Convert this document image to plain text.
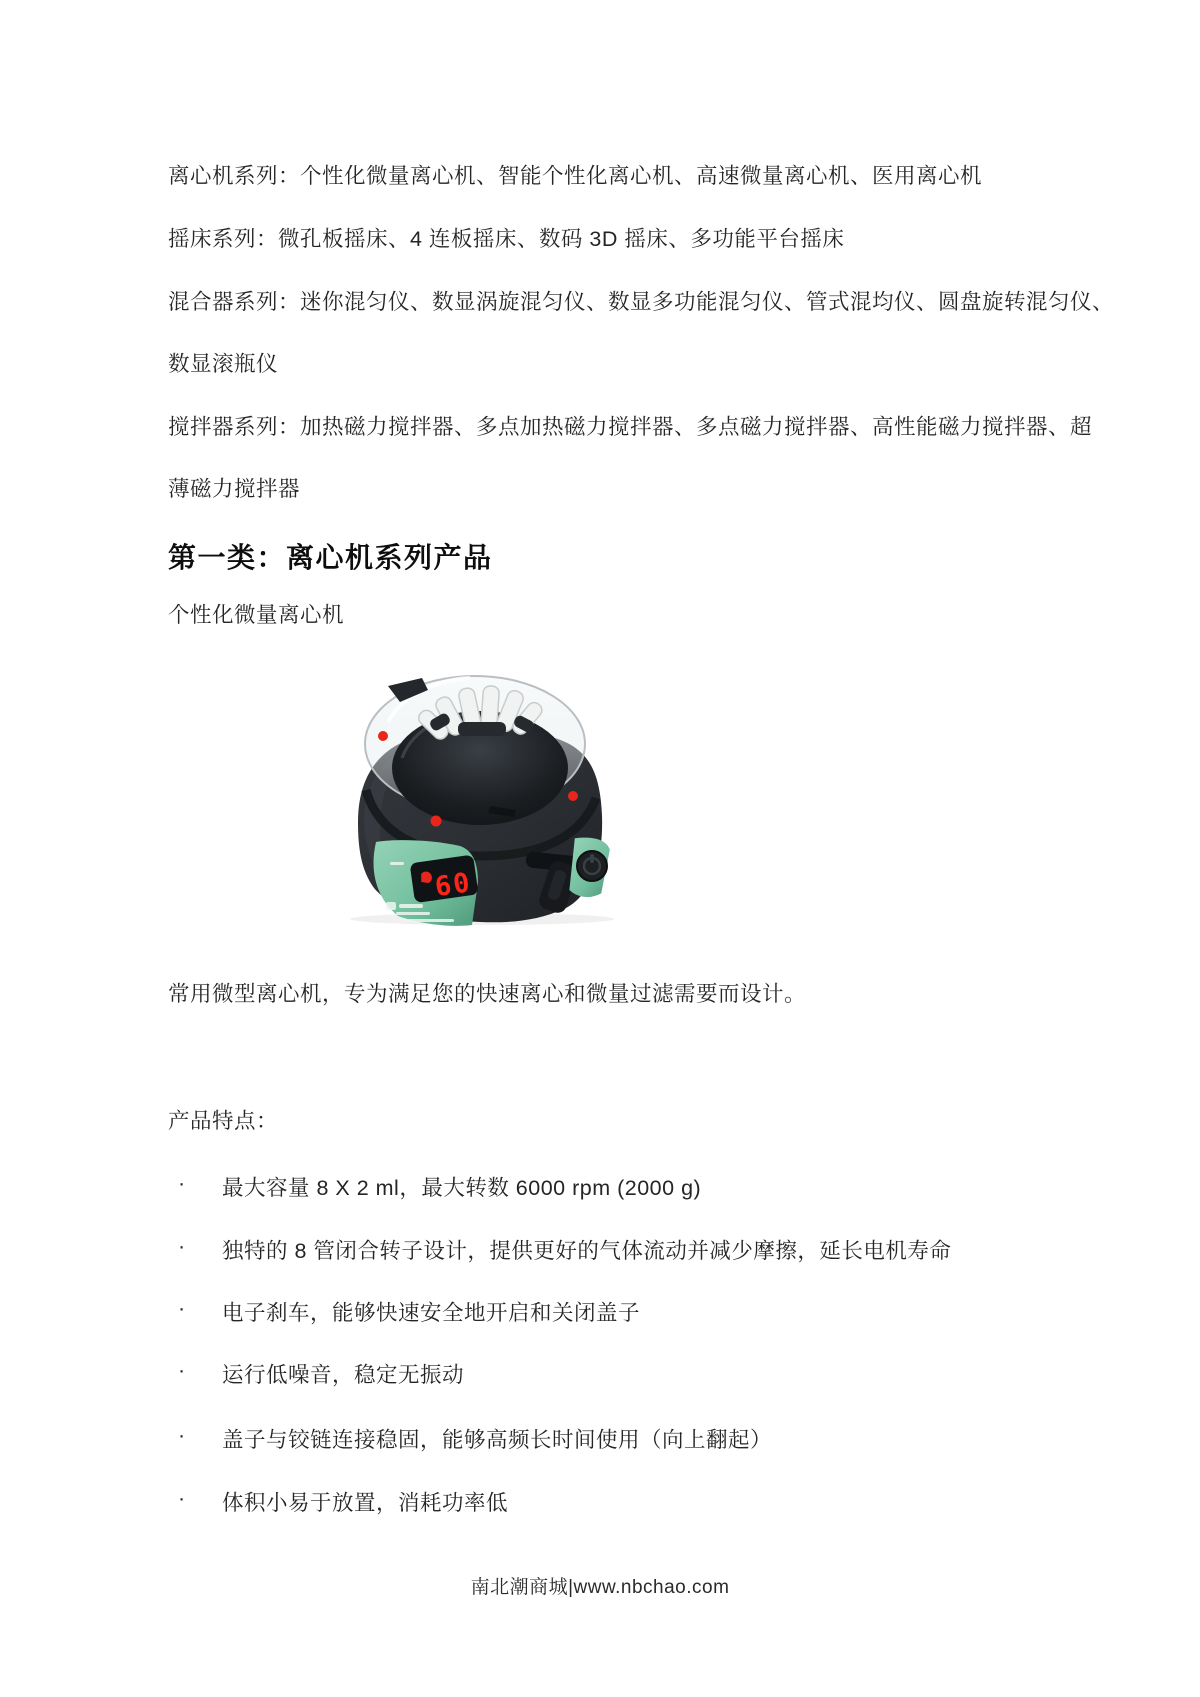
离心机系列：个性化微量离心机、智能个性化离心机、高速微量离心机、医用离心机
摇床系列：微孔板摇床、4 连板摇床、数码 3D 摇床、多功能平台摇床
混合器系列：迷你混匀仪、数显涡旋混匀仪、数显多功能混匀仪、管式混均仪、圆盘旋转混匀仪、
数显滚瓶仪
搅拌器系列：加热磁力搅拌器、多点加热磁力搅拌器、多点磁力搅拌器、高性能磁力搅拌器、超
薄磁力搅拌器
第一类：离心机系列产品
个性化微量离心机
60
常用微型离心机，专为满足您的快速离心和微量过滤需要而设计。
产品特点：
· 最大容量 8 X 2 ml，最大转数 6000 rpm (2000 g)
· 独特的 8 管闭合转子设计，提供更好的气体流动并减少摩擦，延长电机寿命
· 电子刹车，能够快速安全地开启和关闭盖子
· 运行低噪音，稳定无振动
· 盖子与铰链连接稳固，能够高频长时间使用（向上翻起）
· 体积小易于放置，消耗功率低
南北潮商城|www.nbchao.com
